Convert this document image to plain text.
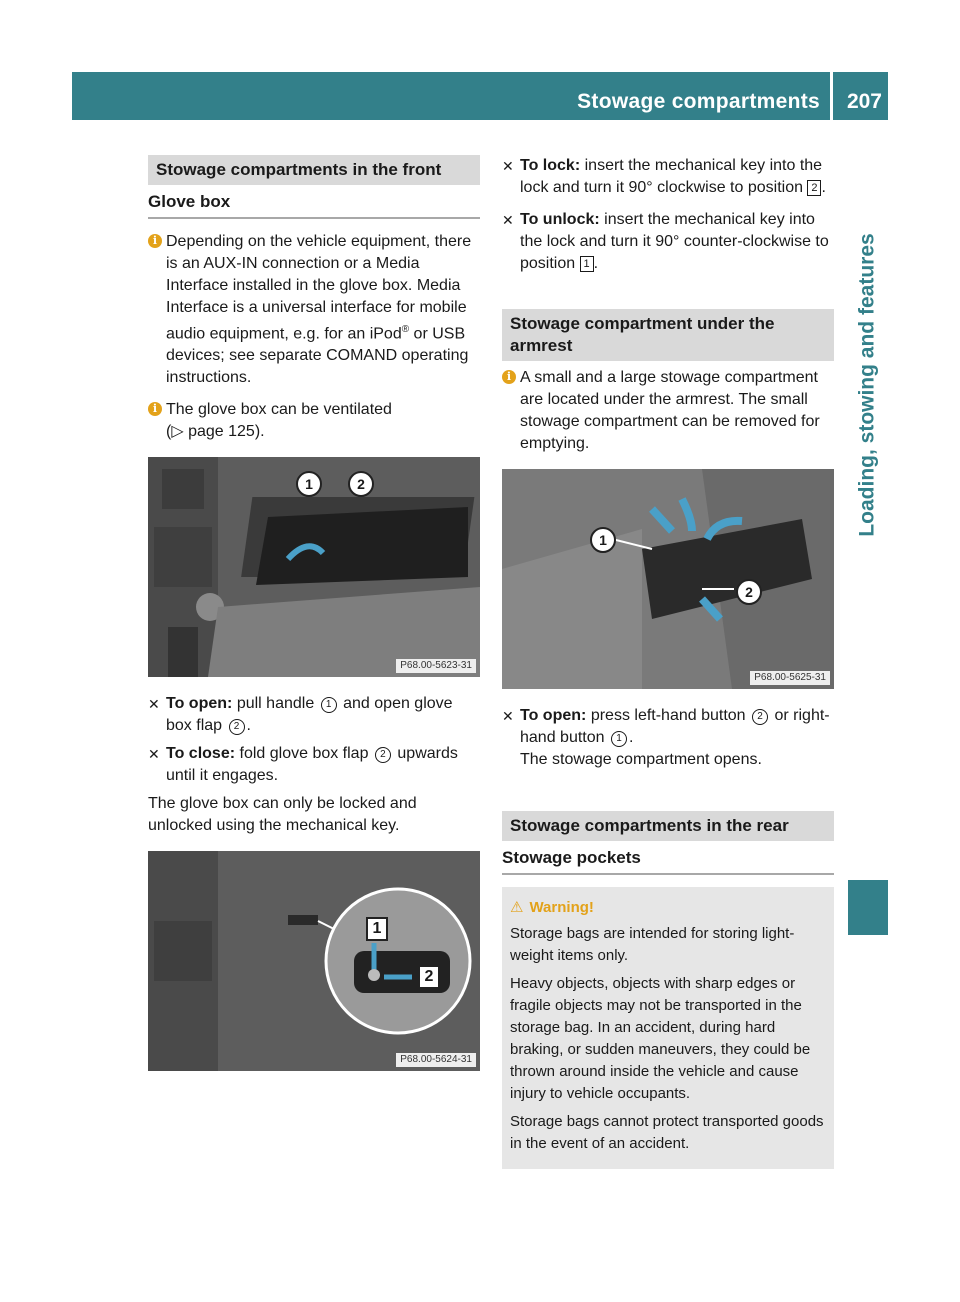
Stowage compartments 207
Loading, stowing and features
Stowage compartments in the front
Glove box
i Depending on the vehicle equipment, there is an AUX-IN connection or a Media Interface installed in the glove box. Media Interface is a universal interface for mobile audio equipment, e.g. for an iPod® or USB devices; see separate COMAND operating instructions.
i The glove box can be ventilated
(▷ page 125).
1	2
P68.00-5623-31
✕ To open: pull handle 1 and open glove box flap 2 .
✕ To close: fold glove box flap 2 upwards until it engages.

The glove box can only be locked and unlocked using the mechanical key.

1
2
P68.00-5624-31
✕ To lock: insert the mechanical key into the lock and turn it 90° clockwise to position 2 .
✕ To unlock: insert the mechanical key into the lock and turn it 90° counter-clockwise to position 1 .
Stowage compartment under the armrest
i A small and a large stowage compartment are located under the armrest. The small stowage compartment can be removed for emptying.
1
2
P68.00-5625-31
✕ To open: press left-hand button 2 or right-hand button 1 .
The stowage compartment opens.
Stowage compartments in the rear
Stowage pockets
⚠ Warning!

Storage bags are intended for storing light-weight items only.

Heavy objects, objects with sharp edges or fragile objects may not be transported in the storage bag. In an accident, during hard braking, or sudden maneuvers, they could be thrown around inside the vehicle and cause injury to vehicle occupants.

Storage bags cannot protect transported goods in the event of an accident.
